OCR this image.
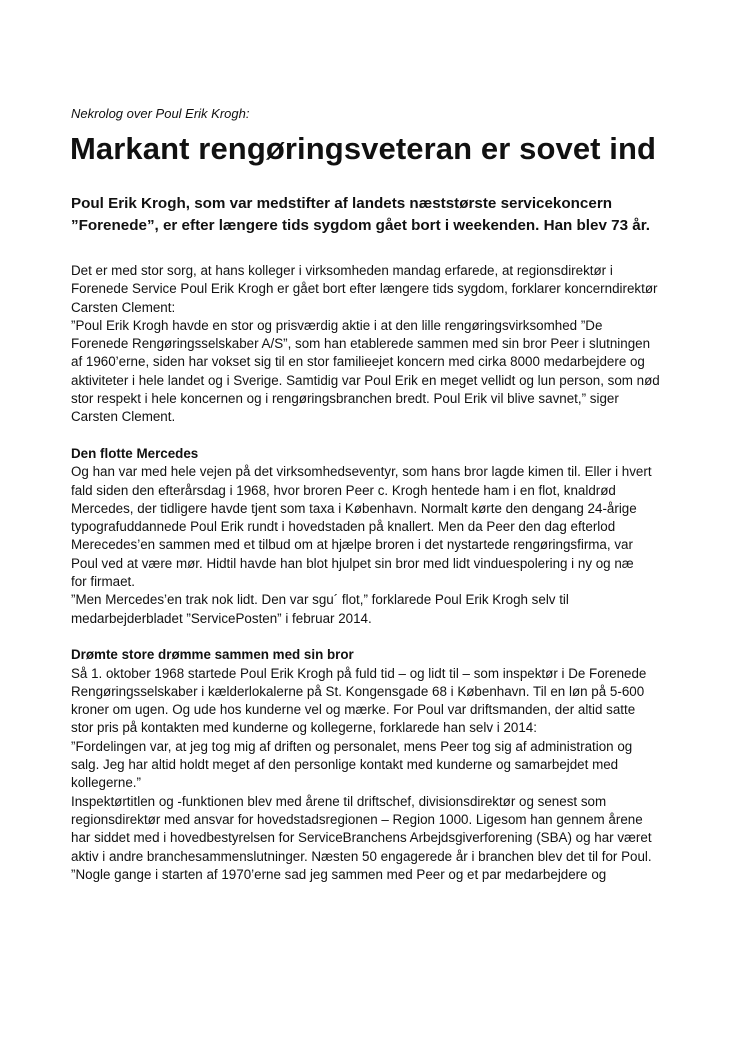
Nekrolog over Poul Erik Krogh:
Markant rengøringsveteran er sovet ind
Poul Erik Krogh, som var medstifter af landets næststørste servicekoncern
”Forenede”, er efter længere tids sygdom gået bort i weekenden. Han blev 73 år.
Det er med stor sorg, at hans kolleger i virksomheden mandag erfarede, at regionsdirektør i
Forenede Service Poul Erik Krogh er gået bort efter længere tids sygdom, forklarer koncerndirektør
Carsten Clement:
”Poul Erik Krogh havde en stor og prisværdig aktie i at den lille rengøringsvirksomhed ”De
Forenede Rengøringsselskaber A/S”, som han etablerede sammen med sin bror Peer i slutningen
af 1960’erne, siden har vokset sig til en stor familieejet koncern med cirka 8000 medarbejdere og
aktiviteter i hele landet og i Sverige. Samtidig var Poul Erik en meget vellidt og lun person, som nød
stor respekt i hele koncernen og i rengøringsbranchen bredt. Poul Erik vil blive savnet,” siger
Carsten Clement.
Den flotte Mercedes
Og han var med hele vejen på det virksomhedseventyr, som hans bror lagde kimen til. Eller i hvert
fald siden den efterårsdag i 1968, hvor broren Peer c. Krogh hentede ham i en flot, knaldrød
Mercedes, der tidligere havde tjent som taxa i København. Normalt kørte den dengang 24-årige
typografuddannede Poul Erik rundt i hovedstaden på knallert. Men da Peer den dag efterlod
Merecedes’en sammen med et tilbud om at hjælpe broren i det nystartede rengøringsfirma, var
Poul ved at være mør. Hidtil havde han blot hjulpet sin bror med lidt vinduespolering i ny og næ
for firmaet.
”Men Mercedes’en trak nok lidt. Den var sgu´ flot,” forklarede Poul Erik Krogh selv til
medarbejderbladet ”ServicePosten” i februar 2014.
Drømte store drømme sammen med sin bror
Så 1. oktober 1968 startede Poul Erik Krogh på fuld tid – og lidt til – som inspektør i De Forenede
Rengøringsselskaber i kælderlokalerne på St. Kongensgade 68 i København. Til en løn på 5-600
kroner om ugen. Og ude hos kunderne vel og mærke. For Poul var driftsmanden, der altid satte
stor pris på kontakten med kunderne og kollegerne, forklarede han selv i 2014:
”Fordelingen var, at jeg tog mig af driften og personalet, mens Peer tog sig af administration og
salg. Jeg har altid holdt meget af den personlige kontakt med kunderne og samarbejdet med
kollegerne.”
Inspektørtitlen og -funktionen blev med årene til driftschef, divisionsdirektør og senest som
regionsdirektør med ansvar for hovedstadsregionen – Region 1000. Ligesom han gennem årene
har siddet med i hovedbestyrelsen for ServiceBranchens Arbejdsgiverforening (SBA) og har været
aktiv i andre branchesammenslutninger. Næsten 50 engagerede år i branchen blev det til for Poul.
”Nogle gange i starten af 1970’erne sad jeg sammen med Peer og et par medarbejdere og
